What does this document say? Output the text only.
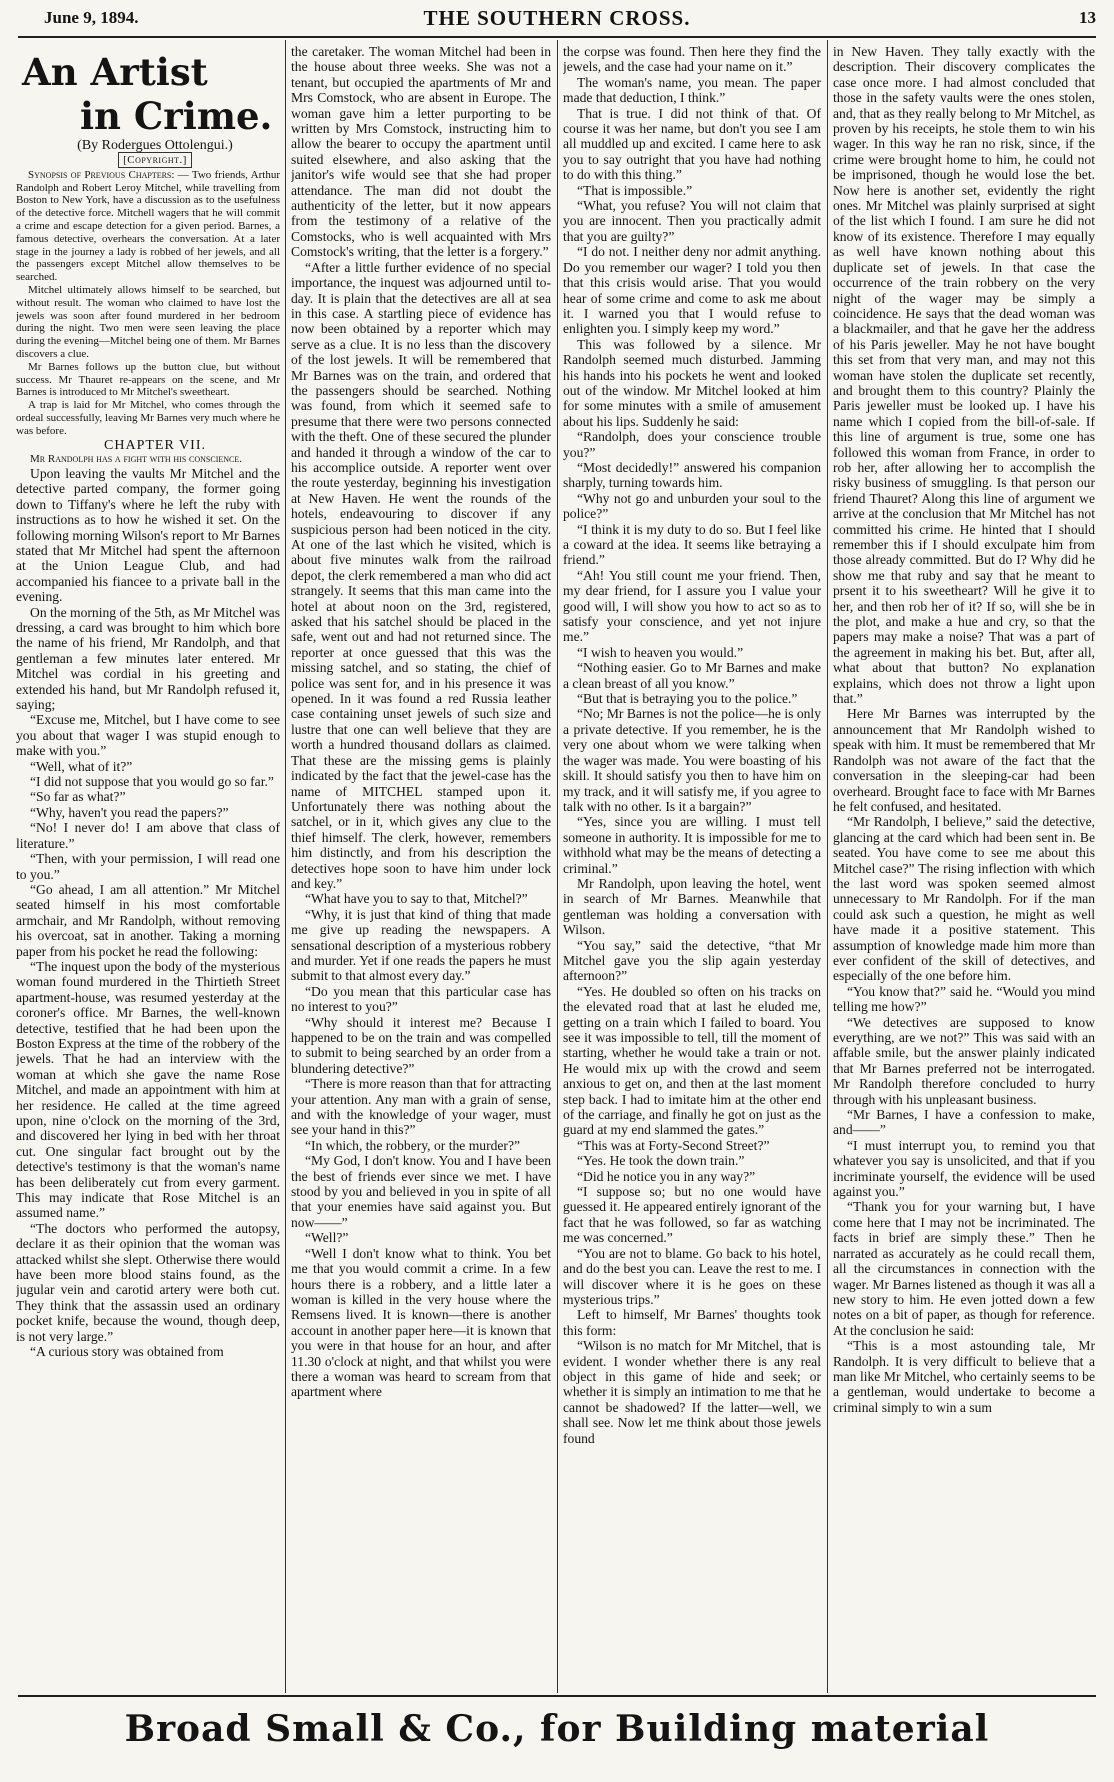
June 9, 1894.	THE SOUTHERN CROSS.	13
An Artist
in Crime.

(By Rodergues Ottolengui.)

[Copyright.]

Synopsis of Previous Chapters: — Two friends, Arthur Randolph and Robert Leroy Mitchel, while travelling from Boston to New York, have a discussion as to the usefulness of the detective force. Mitchell wagers that he will commit a crime and escape detection for a given period. Barnes, a famous detective, overhears the conversation. At a later stage in the journey a lady is robbed of her jewels, and all the passengers except Mitchel allow themselves to be searched.

Mitchel ultimately allows himself to be searched, but without result. The woman who claimed to have lost the jewels was soon after found murdered in her bedroom during the night. Two men were seen leaving the place during the evening—Mitchel being one of them. Mr Barnes discovers a clue.

Mr Barnes follows up the button clue, but without success. Mr Thauret re-appears on the scene, and Mr Barnes is introduced to Mr Mitchel's sweetheart.

A trap is laid for Mr Mitchel, who comes through the ordeal successfully, leaving Mr Barnes very much where he was before.

CHAPTER VII.

Mr Randolph has a fight with his conscience.

Upon leaving the vaults Mr Mitchel and the detective parted company, the former going down to Tiffany's where he left the ruby with instructions as to how he wished it set. On the following morning Wilson's report to Mr Barnes stated that Mr Mitchel had spent the afternoon at the Union League Club, and had accompanied his fiancee to a private ball in the evening.

On the morning of the 5th, as Mr Mitchel was dressing, a card was brought to him which bore the name of his friend, Mr Randolph, and that gentleman a few minutes later entered. Mr Mitchel was cordial in his greeting and extended his hand, but Mr Randolph refused it, saying;

“Excuse me, Mitchel, but I have come to see you about that wager I was stupid enough to make with you.”

“Well, what of it?”

“I did not suppose that you would go so far.”

“So far as what?”

“Why, haven't you read the papers?”

“No! I never do! I am above that class of literature.”

“Then, with your permission, I will read one to you.”

“Go ahead, I am all attention.” Mr Mitchel seated himself in his most comfortable armchair, and Mr Randolph, without removing his overcoat, sat in another. Taking a morning paper from his pocket he read the following:

“The inquest upon the body of the mysterious woman found murdered in the Thirtieth Street apartment-house, was resumed yesterday at the coroner's office. Mr Barnes, the well-known detective, testified that he had been upon the Boston Express at the time of the robbery of the jewels. That he had an interview with the woman at which she gave the name Rose Mitchel, and made an appointment with him at her residence. He called at the time agreed upon, nine o'clock on the morning of the 3rd, and discovered her lying in bed with her throat cut. One singular fact brought out by the detective's testimony is that the woman's name has been deliberately cut from every garment. This may indicate that Rose Mitchel is an assumed name.”

“The doctors who performed the autopsy, declare it as their opinion that the woman was attacked whilst she slept. Otherwise there would have been more blood stains found, as the jugular vein and carotid artery were both cut. They think that the assassin used an ordinary pocket knife, because the wound, though deep, is not very large.”

“A curious story was obtained from

the caretaker. The woman Mitchel had been in the house about three weeks. She was not a tenant, but occupied the apartments of Mr and Mrs Comstock, who are absent in Europe. The woman gave him a letter purporting to be written by Mrs Comstock, instructing him to allow the bearer to occupy the apartment until suited elsewhere, and also asking that the janitor's wife would see that she had proper attendance. The man did not doubt the authenticity of the letter, but it now appears from the testimony of a relative of the Comstocks, who is well acquainted with Mrs Comstock's writing, that the letter is a forgery.”

“After a little further evidence of no special importance, the inquest was adjourned until to-day. It is plain that the detectives are all at sea in this case. A startling piece of evidence has now been obtained by a reporter which may serve as a clue. It is no less than the discovery of the lost jewels. It will be remembered that Mr Barnes was on the train, and ordered that the passengers should be searched. Nothing was found, from which it seemed safe to presume that there were two persons connected with the theft. One of these secured the plunder and handed it through a window of the car to his accomplice outside. A reporter went over the route yesterday, beginning his investigation at New Haven. He went the rounds of the hotels, endeavouring to discover if any suspicious person had been noticed in the city. At one of the last which he visited, which is about five minutes walk from the railroad depot, the clerk remembered a man who did act strangely. It seems that this man came into the hotel at about noon on the 3rd, registered, asked that his satchel should be placed in the safe, went out and had not returned since. The reporter at once guessed that this was the missing satchel, and so stating, the chief of police was sent for, and in his presence it was opened. In it was found a red Russia leather case containing unset jewels of such size and lustre that one can well believe that they are worth a hundred thousand dollars as claimed. That these are the missing gems is plainly indicated by the fact that the jewel-case has the name of MITCHEL stamped upon it. Unfortunately there was nothing about the satchel, or in it, which gives any clue to the thief himself. The clerk, however, remembers him distinctly, and from his description the detectives hope soon to have him under lock and key.”

“What have you to say to that, Mitchel?”

“Why, it is just that kind of thing that made me give up reading the newspapers. A sensational description of a mysterious robbery and murder. Yet if one reads the papers he must submit to that almost every day.”

“Do you mean that this particular case has no interest to you?”

“Why should it interest me? Because I happened to be on the train and was compelled to submit to being searched by an order from a blundering detective?”

“There is more reason than that for attracting your attention. Any man with a grain of sense, and with the knowledge of your wager, must see your hand in this?”

“In which, the robbery, or the murder?”

“My God, I don't know. You and I have been the best of friends ever since we met. I have stood by you and believed in you in spite of all that your enemies have said against you. But now——”

“Well?”

“Well I don't know what to think. You bet me that you would commit a crime. In a few hours there is a robbery, and a little later a woman is killed in the very house where the Remsens lived. It is known—there is another account in another paper here—it is known that you were in that house for an hour, and after 11.30 o'clock at night, and that whilst you were there a woman was heard to scream from that apartment where

the corpse was found. Then here they find the jewels, and the case had your name on it.”

The woman's name, you mean. The paper made that deduction, I think.”

That is true. I did not think of that. Of course it was her name, but don't you see I am all muddled up and excited. I came here to ask you to say outright that you have had nothing to do with this thing.”

“That is impossible.”

“What, you refuse? You will not claim that you are innocent. Then you practically admit that you are guilty?”

“I do not. I neither deny nor admit anything. Do you remember our wager? I told you then that this crisis would arise. That you would hear of some crime and come to ask me about it. I warned you that I would refuse to enlighten you. I simply keep my word.”

This was followed by a silence. Mr Randolph seemed much disturbed. Jamming his hands into his pockets he went and looked out of the window. Mr Mitchel looked at him for some minutes with a smile of amusement about his lips. Suddenly he said:

“Randolph, does your conscience trouble you?”

“Most decidedly!” answered his companion sharply, turning towards him.

“Why not go and unburden your soul to the police?”

“I think it is my duty to do so. But I feel like a coward at the idea. It seems like betraying a friend.”

“Ah! You still count me your friend. Then, my dear friend, for I assure you I value your good will, I will show you how to act so as to satisfy your conscience, and yet not injure me.”

“I wish to heaven you would.”

“Nothing easier. Go to Mr Barnes and make a clean breast of all you know.”

“But that is betraying you to the police.”

“No; Mr Barnes is not the police—he is only a private detective. If you remember, he is the very one about whom we were talking when the wager was made. You were boasting of his skill. It should satisfy you then to have him on my track, and it will satisfy me, if you agree to talk with no other. Is it a bargain?”

“Yes, since you are willing. I must tell someone in authority. It is impossible for me to withhold what may be the means of detecting a criminal.”

Mr Randolph, upon leaving the hotel, went in search of Mr Barnes. Meanwhile that gentleman was holding a conversation with Wilson.

“You say,” said the detective, “that Mr Mitchel gave you the slip again yesterday afternoon?”

“Yes. He doubled so often on his tracks on the elevated road that at last he eluded me, getting on a train which I failed to board. You see it was impossible to tell, till the moment of starting, whether he would take a train or not. He would mix up with the crowd and seem anxious to get on, and then at the last moment step back. I had to imitate him at the other end of the carriage, and finally he got on just as the guard at my end slammed the gates.”

“This was at Forty-Second Street?”

“Yes. He took the down train.”

“Did he notice you in any way?”

“I suppose so; but no one would have guessed it. He appeared entirely ignorant of the fact that he was followed, so far as watching me was concerned.”

“You are not to blame. Go back to his hotel, and do the best you can. Leave the rest to me. I will discover where it is he goes on these mysterious trips.”

Left to himself, Mr Barnes' thoughts took this form:

“Wilson is no match for Mr Mitchel, that is evident. I wonder whether there is any real object in this game of hide and seek; or whether it is simply an intimation to me that he cannot be shadowed? If the latter—well, we shall see. Now let me think about those jewels found

in New Haven. They tally exactly with the description. Their discovery complicates the case once more. I had almost concluded that those in the safety vaults were the ones stolen, and, that as they really belong to Mr Mitchel, as proven by his receipts, he stole them to win his wager. In this way he ran no risk, since, if the crime were brought home to him, he could not be imprisoned, though he would lose the bet. Now here is another set, evidently the right ones. Mr Mitchel was plainly surprised at sight of the list which I found. I am sure he did not know of its existence. Therefore I may equally as well have known nothing about this duplicate set of jewels. In that case the occurrence of the train robbery on the very night of the wager may be simply a coincidence. He says that the dead woman was a blackmailer, and that he gave her the address of his Paris jeweller. May he not have bought this set from that very man, and may not this woman have stolen the duplicate set recently, and brought them to this country? Plainly the Paris jeweller must be looked up. I have his name which I copied from the bill-of-sale. If this line of argument is true, some one has followed this woman from France, in order to rob her, after allowing her to accomplish the risky business of smuggling. Is that person our friend Thauret? Along this line of argument we arrive at the conclusion that Mr Mitchel has not committed his crime. He hinted that I should remember this if I should exculpate him from those already committed. But do I? Why did he show me that ruby and say that he meant to prsent it to his sweetheart? Will he give it to her, and then rob her of it? If so, will she be in the plot, and make a hue and cry, so that the papers may make a noise? That was a part of the agreement in making his bet. But, after all, what about that button? No explanation explains, which does not throw a light upon that.”

Here Mr Barnes was interrupted by the announcement that Mr Randolph wished to speak with him. It must be remembered that Mr Randolph was not aware of the fact that the conversation in the sleeping-car had been overheard. Brought face to face with Mr Barnes he felt confused, and hesitated.

“Mr Randolph, I believe,” said the detective, glancing at the card which had been sent in. Be seated. You have come to see me about this Mitchel case?” The rising inflection with which the last word was spoken seemed almost unnecessary to Mr Randolph. For if the man could ask such a question, he might as well have made it a positive statement. This assumption of knowledge made him more than ever confident of the skill of detectives, and especially of the one before him.

“You know that?” said he. “Would you mind telling me how?”

“We detectives are supposed to know everything, are we not?” This was said with an affable smile, but the answer plainly indicated that Mr Barnes preferred not be interrogated. Mr Randolph therefore concluded to hurry through with his unpleasant business.

“Mr Barnes, I have a confession to make, and——”

“I must interrupt you, to remind you that whatever you say is unsolicited, and that if you incriminate yourself, the evidence will be used against you.”

“Thank you for your warning but, I have come here that I may not be incriminated. The facts in brief are simply these.” Then he narrated as accurately as he could recall them, all the circumstances in connection with the wager. Mr Barnes listened as though it was all a new story to him. He even jotted down a few notes on a bit of paper, as though for reference. At the conclusion he said:

“This is a most astounding tale, Mr Randolph. It is very difficult to believe that a man like Mr Mitchel, who certainly seems to be a gentleman, would undertake to become a criminal simply to win a sum

Broad Small & Co., for Building material
